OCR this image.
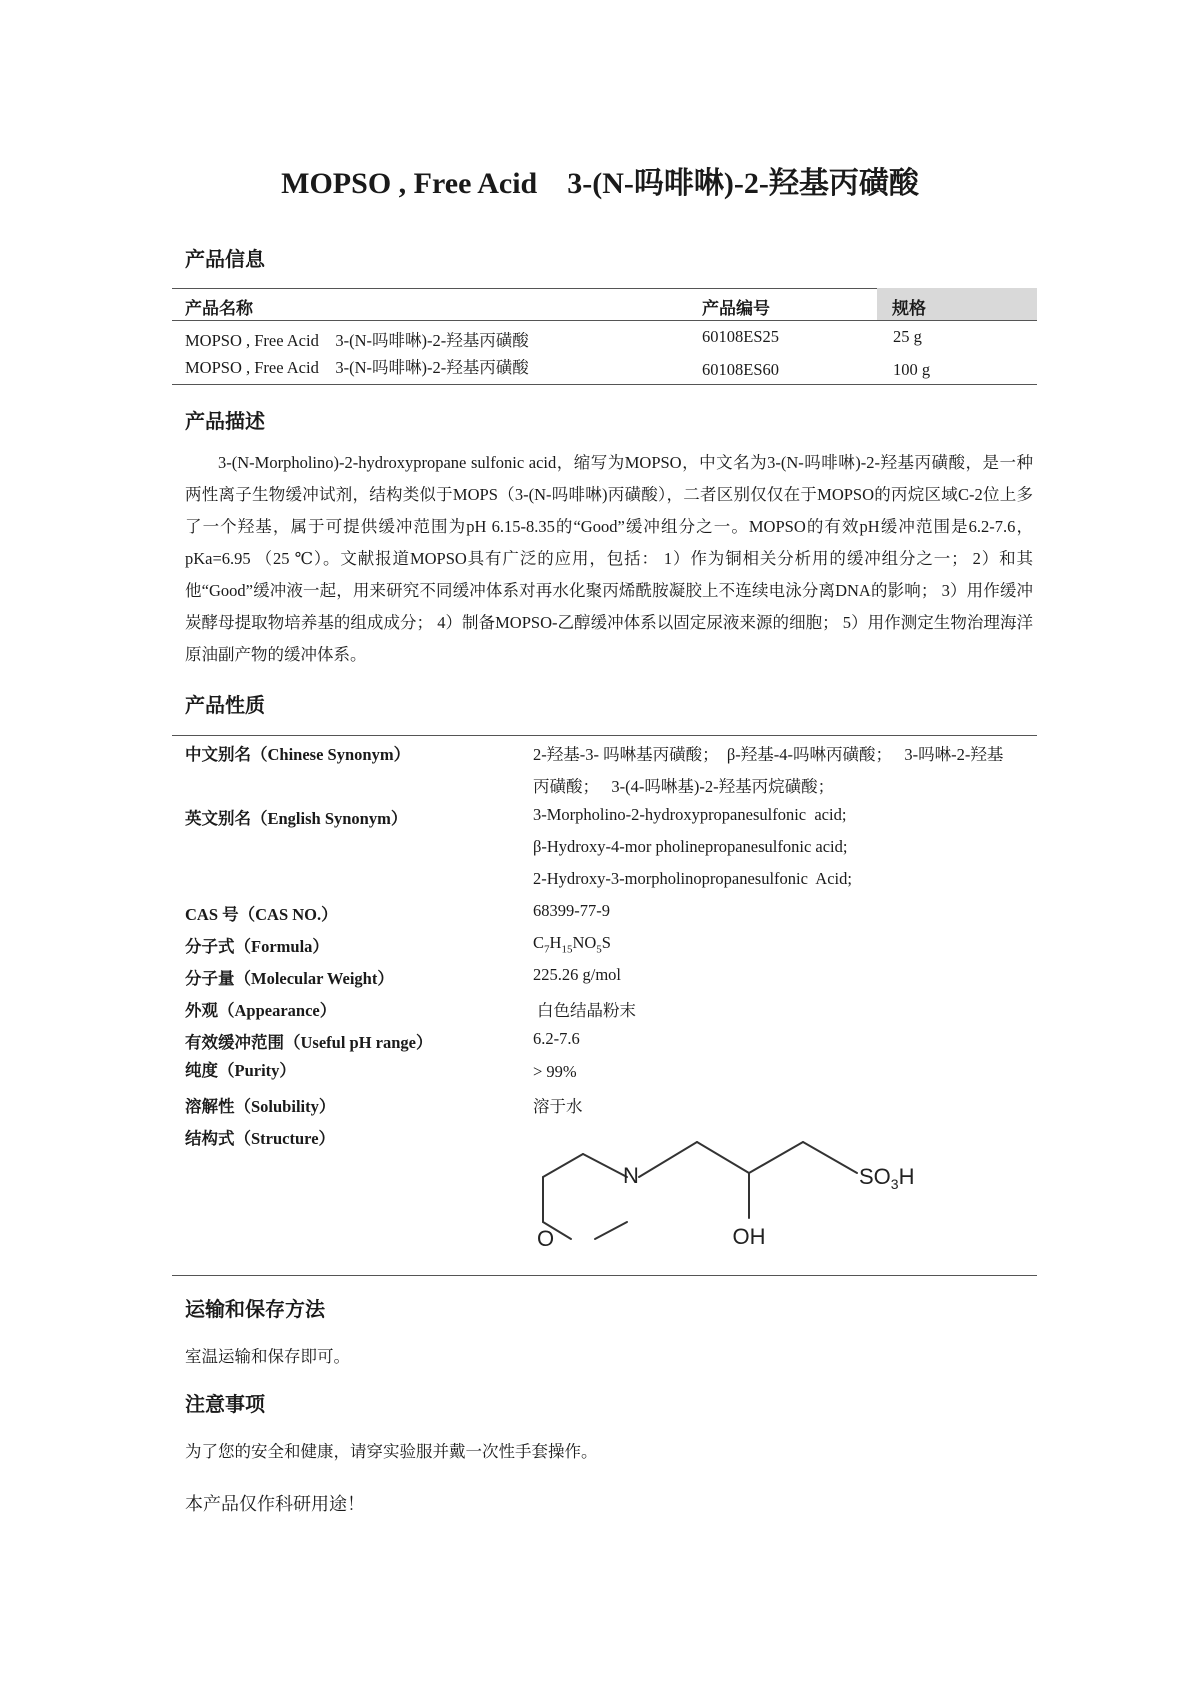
MOPSO , Free Acid    3-(N-吗啡啉)-2-羟基丙磺酸
产品信息
产品名称	产品编号	规格
MOPSO , Free Acid    3-(N-吗啡啉)-2-羟基丙磺酸	60108ES25	25 g
MOPSO , Free Acid    3-(N-吗啡啉)-2-羟基丙磺酸	60108ES60	100 g
产品描述

3-(N-Morpholino)-2-hydroxypropane sulfonic acid，缩写为MOPSO，中文名为3-(N-吗啡啉)-2-羟基丙磺酸，是一种两性离子生物缓冲试剂，结构类似于MOPS（3-(N-吗啡啉)丙磺酸），二者区别仅仅在于MOPSO的丙烷区域C-2位上多了一个羟基，属于可提供缓冲范围为pH 6.15-8.35的“Good”缓冲组分之一。MOPSO的有效pH缓冲范围是6.2-7.6，pKa=6.95 （25 ℃）。文献报道MOPSO具有广泛的应用，包括： 1）作为铜相关分析用的缓冲组分之一； 2）和其他“Good”缓冲液一起，用来研究不同缓冲体系对再水化聚丙烯酰胺凝胶上不连续电泳分离DNA的影响； 3）用作缓冲炭酵母提取物培养基的组成成分； 4）制备MOPSO-乙醇缓冲体系以固定尿液来源的细胞； 5）用作测定生物治理海洋原油副产物的缓冲体系。

产品性质
中文别名（Chinese Synonym）	2-羟基-3- 吗啉基丙磺酸；  β-羟基-4-吗啉丙磺酸；   3-吗啉-2-羟基
丙磺酸；   3-(4-吗啉基)-2-羟基丙烷磺酸；
英文别名（English Synonym）	3-Morpholino-2-hydroxypropanesulfonic  acid;
β-Hydroxy-4-mor pholinepropanesulfonic acid;
2-Hydroxy-3-morpholinopropanesulfonic  Acid;
CAS 号（CAS NO.）	68399-77-9
分子式（Formula）	$C_7H_{15}NO_5S$
分子量（Molecular Weight）	225.26 g/mol
外观（Appearance）	白色结晶粉末
有效缓冲范围（Useful pH range）	6.2-7.6
纯度（Purity）	> 99%
溶解性（Solubility）	溶于水
结构式（Structure）
N
O	OH
$SO_3H$
运输和保存方法
室温运输和保存即可。
注意事项
为了您的安全和健康，请穿实验服并戴一次性手套操作。
本产品仅作科研用途！
